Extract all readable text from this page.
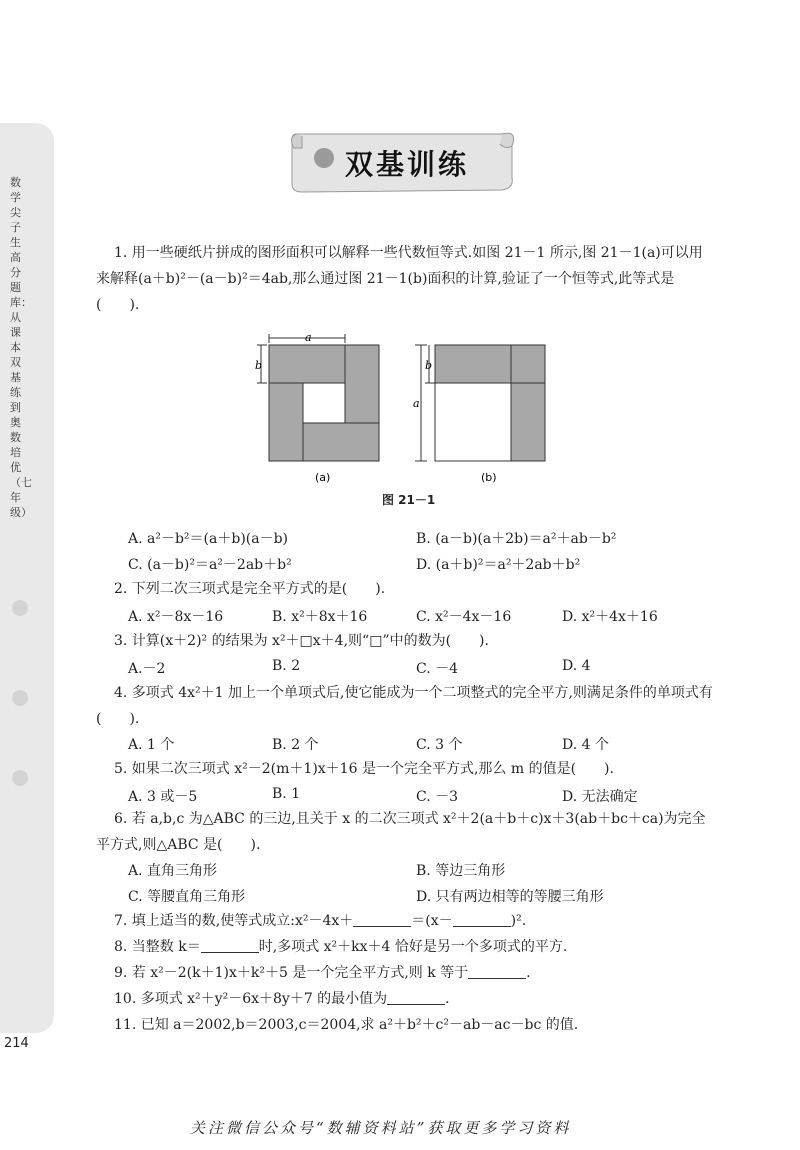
数学尖子生高分题库：从课本双基练到奥数培优（七年级）
双基训练
1. 用一些硬纸片拼成的图形面积可以解释一些代数恒等式.如图 21－1 所示,图 21－1(a)可以用来解释(a＋b)²－(a－b)²＝4ab,那么通过图 21－1(b)面积的计算,验证了一个恒等式,此等式是(　　).
a
b	b
a
(a)	(b)
图 21－1
A. a²－b²＝(a＋b)(a－b)	B. (a－b)(a＋2b)＝a²＋ab－b²
C. (a－b)²＝a²－2ab＋b²	D. (a＋b)²＝a²＋2ab＋b²
2. 下列二次三项式是完全平方式的是(　　).
A. x²－8x－16	B. x²＋8x＋16	C. x²－4x－16	D. x²＋4x＋16
3. 计算(x＋2)² 的结果为 x²＋□x＋4,则“□”中的数为(　　).
A.－2	B. 2	C. －4	D. 4
4. 多项式 4x²＋1 加上一个单项式后,使它能成为一个二项整式的完全平方,则满足条件的单项式有(　　).
A. 1 个	B. 2 个	C. 3 个	D. 4 个
5. 如果二次三项式 x²－2(m＋1)x＋16 是一个完全平方式,那么 m 的值是(　　).
A. 3 或－5	B. 1	C. －3	D. 无法确定
6. 若 a,b,c 为△ABC 的三边,且关于 x 的二次三项式 x²＋2(a＋b＋c)x＋3(ab＋bc＋ca)为完全平方式,则△ABC 是(　　).
A. 直角三角形	B. 等边三角形
C. 等腰直角三角形	D. 只有两边相等的等腰三角形
7. 填上适当的数,使等式成立:x²－4x＋	＝(x－	)².
8. 当整数 k＝	时,多项式 x²＋kx＋4 恰好是另一个多项式的平方.
9. 若 x²－2(k＋1)x＋k²＋5 是一个完全平方式,则 k 等于	.
10. 多项式 x²＋y²－6x＋8y＋7 的最小值为	.
11. 已知 a＝2002,b＝2003,c＝2004,求 a²＋b²＋c²－ab－ac－bc 的值.
214
关注微信公众号“数辅资料站”获取更多学习资料
